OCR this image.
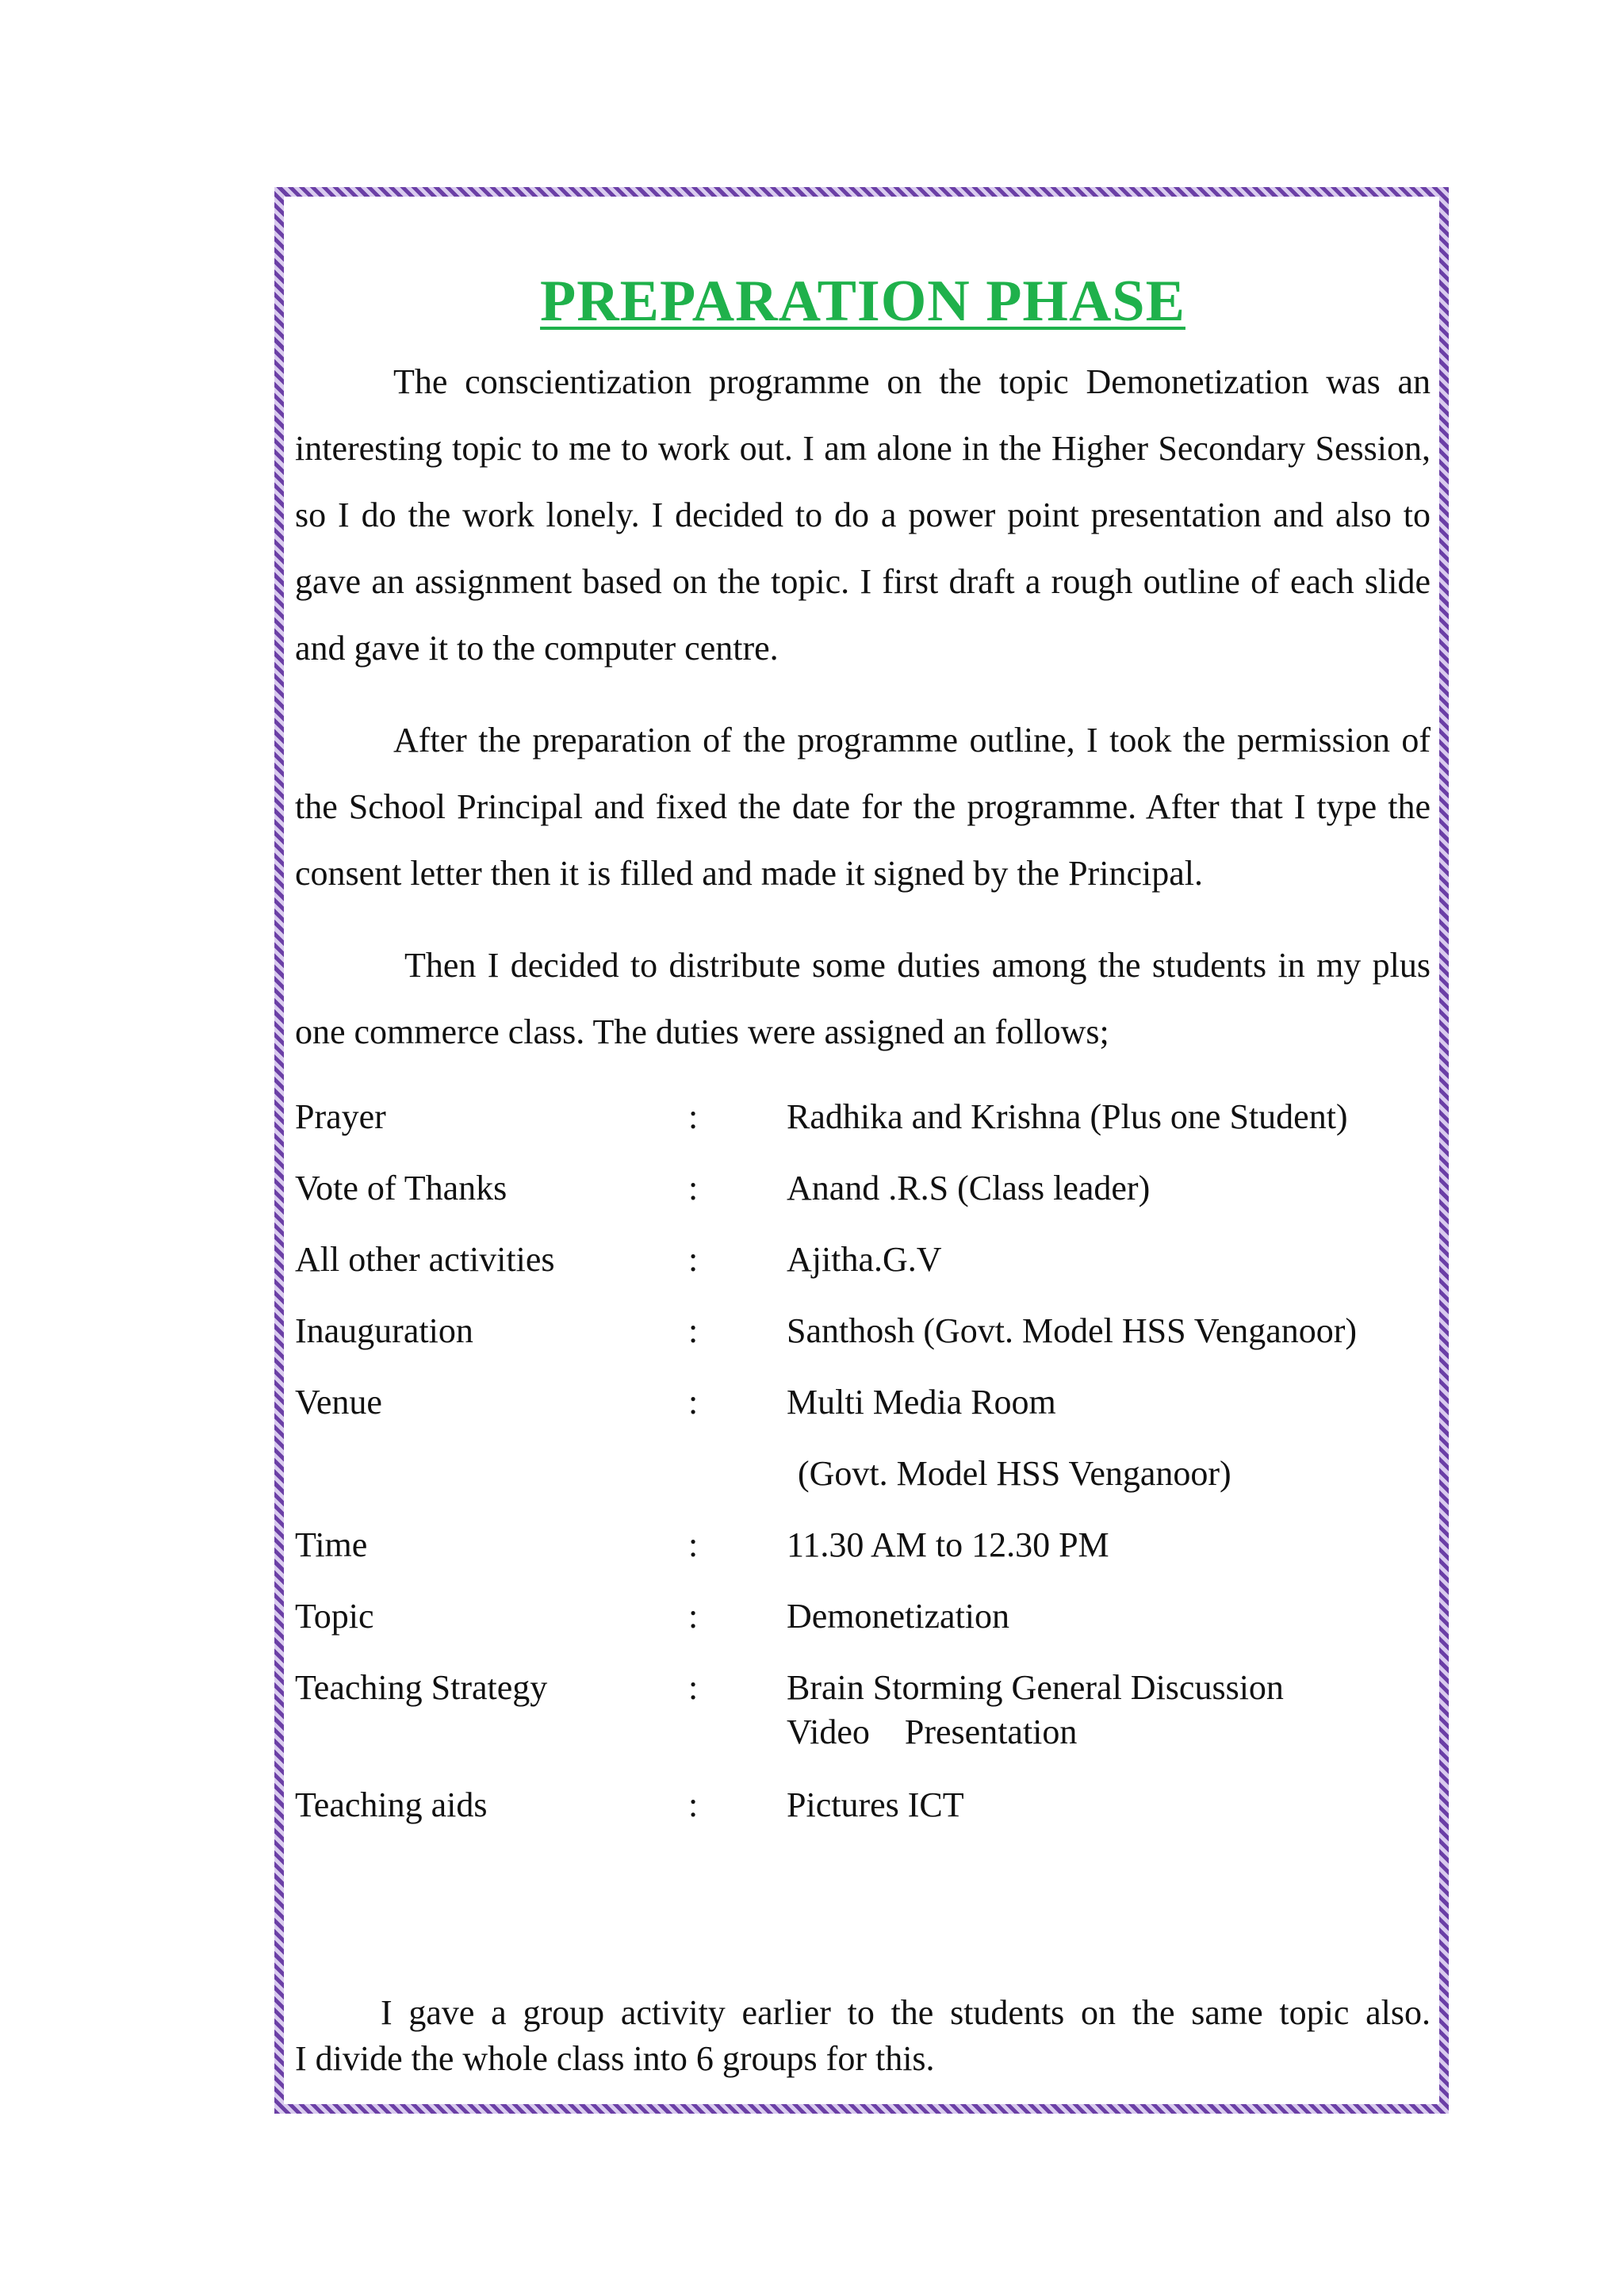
PREPARATION PHASE

The conscientization programme on the topic Demonetization was an interesting topic to me to work out. I am alone in the Higher Secondary Session, so I do the work lonely. I decided to do a power point presentation and also to gave an assignment based on the topic. I first draft a rough outline of each slide and gave it to the computer centre.

After the preparation of the programme outline, I took the permission of the School Principal and fixed the date for the programme. After that I type the consent letter then it is filled and made it signed by the Principal.

Then I decided to distribute some duties among the students in my plus one commerce class. The duties were assigned an follows;

Prayer	:	Radhika and Krishna (Plus one Student)
Vote of Thanks	:	Anand .R.S (Class leader)
All other activities	:	Ajitha.G.V
Inauguration	:	Santhosh (Govt. Model HSS Venganoor)
Venue	:	Multi Media Room
(Govt. Model HSS Venganoor)
Time	:	11.30 AM to 12.30 PM
Topic	:	Demonetization
Teaching Strategy	:	Brain Storming General Discussion
Video    Presentation
Teaching aids	:	Pictures ICT
I gave a group activity earlier to the students on the same topic also.
I divide the whole class into 6 groups for this.
